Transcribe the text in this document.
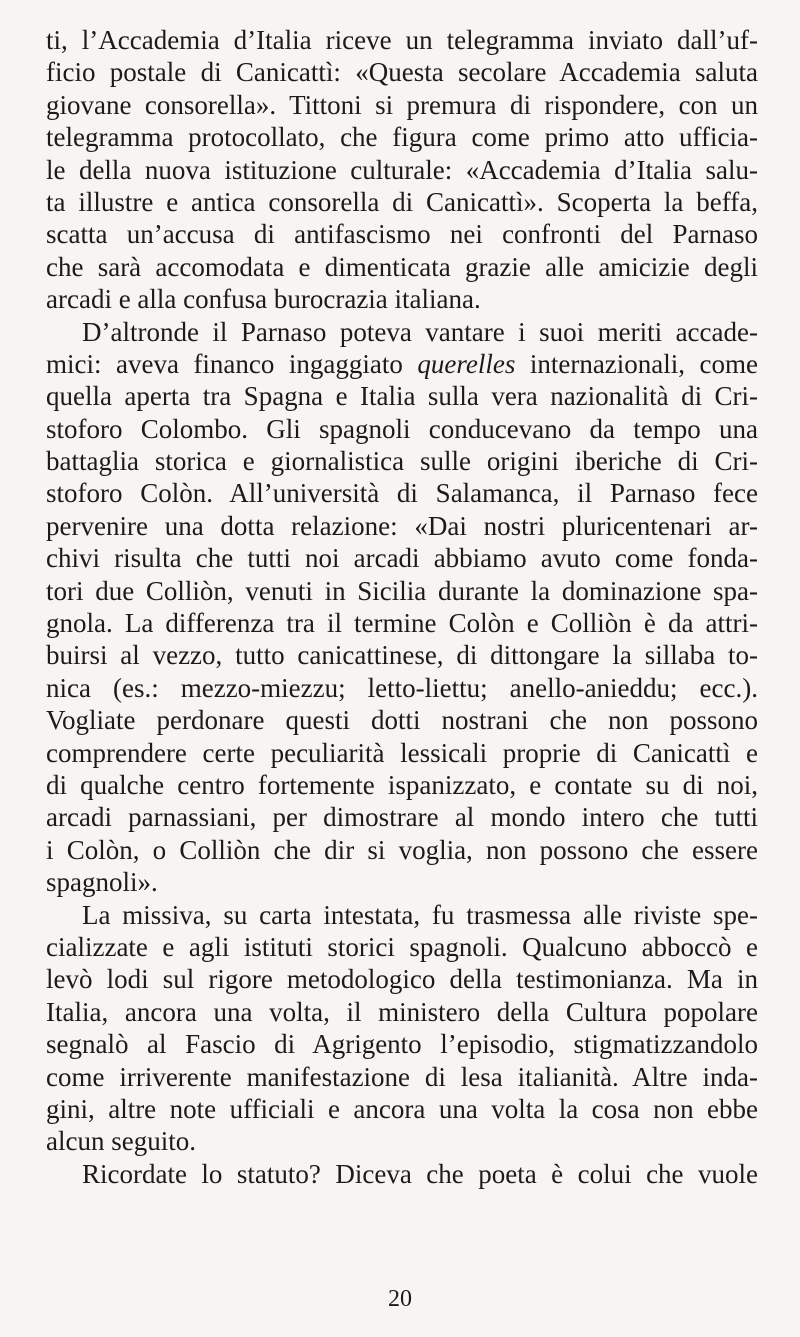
ti, l’Accademia d’Italia riceve un telegramma inviato dall’uf-
ficio postale di Canicattì: «Questa secolare Accademia saluta
giovane consorella». Tittoni si premura di rispondere, con un
telegramma protocollato, che figura come primo atto ufficia-
le della nuova istituzione culturale: «Accademia d’Italia salu-
ta illustre e antica consorella di Canicattì». Scoperta la beffa,
scatta un’accusa di antifascismo nei confronti del Parnaso
che sarà accomodata e dimenticata grazie alle amicizie degli
arcadi e alla confusa burocrazia italiana.
D’altronde il Parnaso poteva vantare i suoi meriti accade-
mici: aveva financo ingaggiato querelles internazionali, come
quella aperta tra Spagna e Italia sulla vera nazionalità di Cri-
stoforo Colombo. Gli spagnoli conducevano da tempo una
battaglia storica e giornalistica sulle origini iberiche di Cri-
stoforo Colòn. All’università di Salamanca, il Parnaso fece
pervenire una dotta relazione: «Dai nostri pluricentenari ar-
chivi risulta che tutti noi arcadi abbiamo avuto come fonda-
tori due Colliòn, venuti in Sicilia durante la dominazione spa-
gnola. La differenza tra il termine Colòn e Colliòn è da attri-
buirsi al vezzo, tutto canicattinese, di dittongare la sillaba to-
nica (es.: mezzo-miezzu; letto-liettu; anello-anieddu; ecc.).
Vogliate perdonare questi dotti nostrani che non possono
comprendere certe peculiarità lessicali proprie di Canicattì e
di qualche centro fortemente ispanizzato, e contate su di noi,
arcadi parnassiani, per dimostrare al mondo intero che tutti
i Colòn, o Colliòn che dir si voglia, non possono che essere
spagnoli».
La missiva, su carta intestata, fu trasmessa alle riviste spe-
cializzate e agli istituti storici spagnoli. Qualcuno abboccò e
levò lodi sul rigore metodologico della testimonianza. Ma in
Italia, ancora una volta, il ministero della Cultura popolare
segnalò al Fascio di Agrigento l’episodio, stigmatizzandolo
come irriverente manifestazione di lesa italianità. Altre inda-
gini, altre note ufficiali e ancora una volta la cosa non ebbe
alcun seguito.
Ricordate lo statuto? Diceva che poeta è colui che vuole
20
